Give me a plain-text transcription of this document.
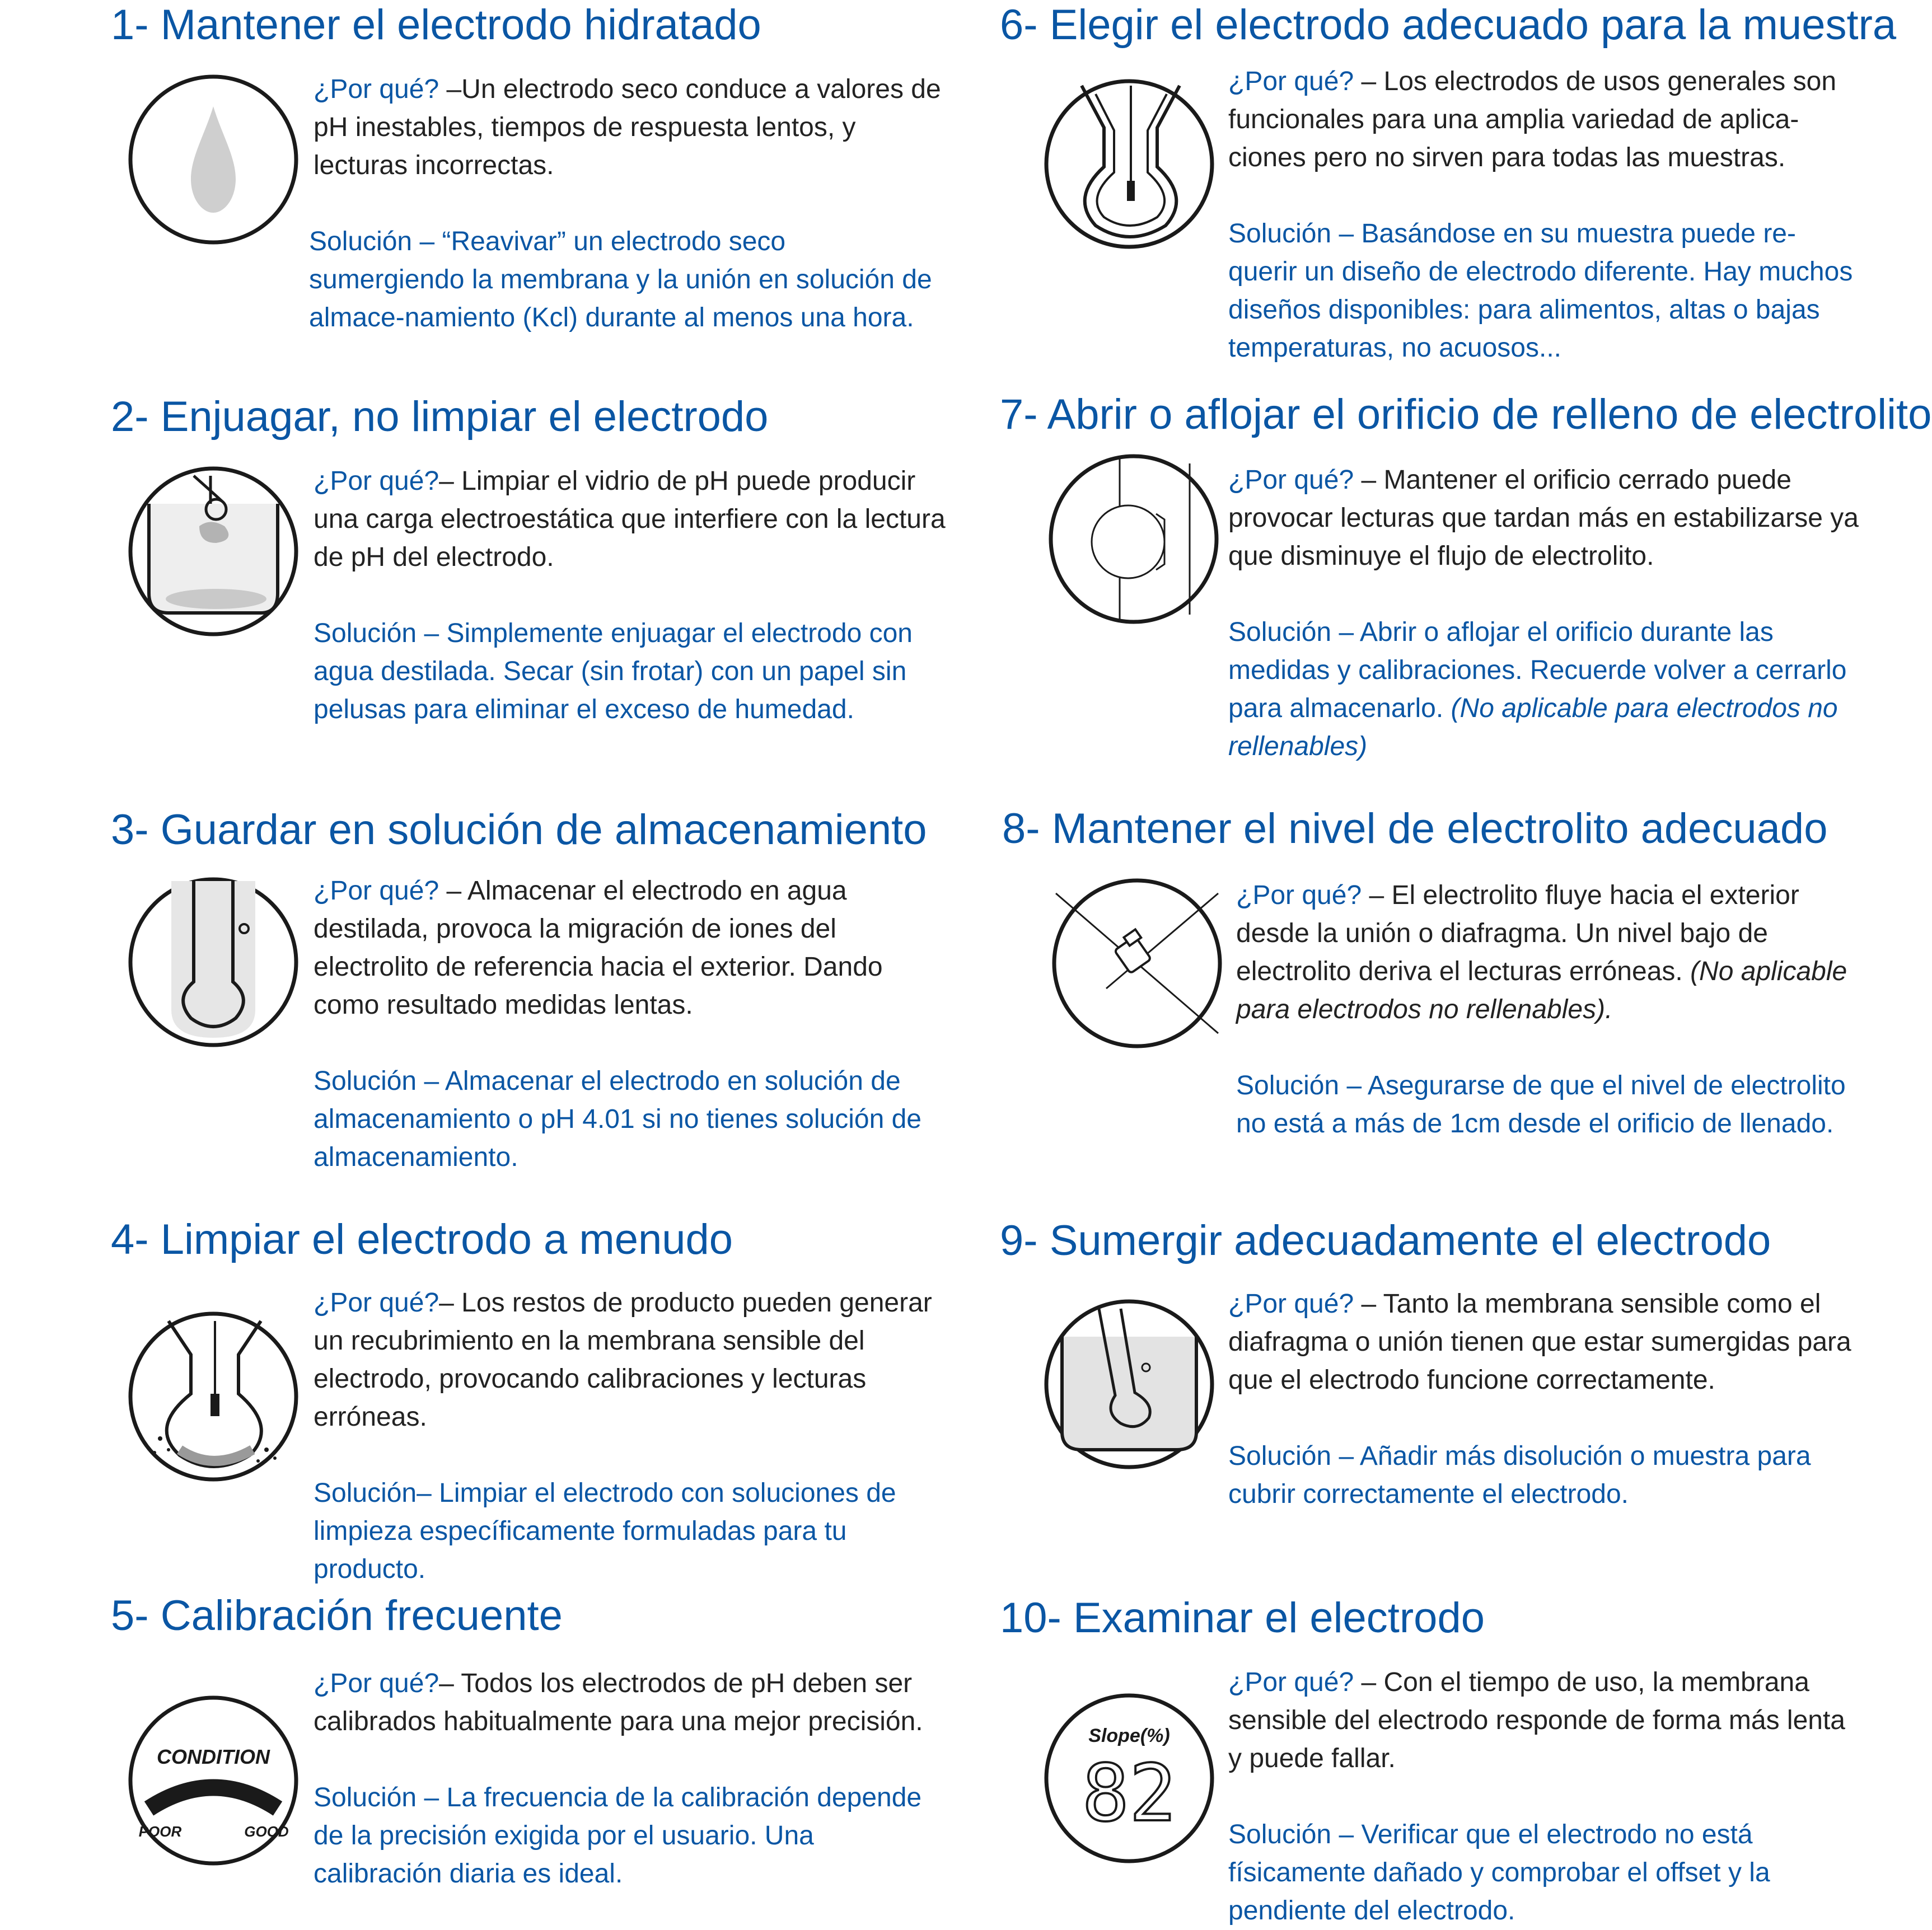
1- Mantener el electrodo hidratado

¿Por qué? –Un electrodo seco conduce a valores de pH inestables, tiempos de respuesta lentos, y lecturas incorrectas.

Solución – “Reavivar” un electrodo seco sumergiendo la membrana y la unión en solución de almace-namiento (Kcl) durante al menos una hora.

2- Enjuagar, no limpiar el electrodo

¿Por qué?– Limpiar el vidrio de pH puede producir una carga electroestática que interfiere con la lectura de pH del electrodo.

Solución – Simplemente enjuagar el electrodo con agua destilada. Secar (sin frotar) con un papel sin pelusas para eliminar el exceso de humedad.

3- Guardar en solución de almacenamiento

¿Por qué? – Almacenar el electrodo en agua destilada, provoca la migración de iones del electrolito de referencia hacia el exterior. Dando como resultado medidas lentas.

Solución – Almacenar el electrodo en solución de almacenamiento o pH 4.01 si no tienes solución de almacenamiento.

4- Limpiar el electrodo a menudo

¿Por qué?– Los restos de producto pueden generar un recubrimiento en la membrana sensible del electrodo, provocando calibraciones y lecturas erróneas.

Solución– Limpiar el electrodo con soluciones de limpieza específicamente formuladas para tu producto.

5- Calibración frecuente
CONDITION
POOR	GOOD

¿Por qué?– Todos los electrodos de pH deben ser calibrados habitualmente para una mejor precisión.

Solución – La frecuencia de la calibración depende de la precisión exigida por el usuario. Una calibración diaria es ideal.

6- Elegir el electrodo adecuado para la muestra

¿Por qué? – Los electrodos de usos generales son funcionales para una amplia variedad de aplica-ciones pero no sirven para todas las muestras.

Solución – Basándose en su muestra puede re-querir un diseño de electrodo diferente. Hay muchos diseños disponibles: para alimentos, altas o bajas temperaturas, no acuosos...

7- Abrir o aflojar el orificio de relleno de electrolito

¿Por qué? – Mantener el orificio cerrado puede provocar lecturas que tardan más en estabilizarse ya que disminuye el flujo de electrolito.

Solución – Abrir o aflojar el orificio durante las medidas y calibraciones. Recuerde volver a cerrarlo para almacenarlo. (No aplicable para electrodos no rellenables)

8- Mantener el nivel de electrolito adecuado

¿Por qué? – El electrolito fluye hacia el exterior desde la unión o diafragma. Un nivel bajo de electrolito deriva el lecturas erróneas. (No aplicable para electrodos no rellenables).

Solución – Asegurarse de que el nivel de electrolito no está a más de 1cm desde el orificio de llenado.

9- Sumergir adecuadamente el electrodo

¿Por qué? – Tanto la membrana sensible como el diafragma o unión tienen que estar sumergidas para que el electrodo funcione correctamente.

Solución – Añadir más disolución o muestra para cubrir correctamente el electrodo.

10- Examinar el electrodo
Slope(%)
82

¿Por qué? – Con el tiempo de uso, la membrana sensible del electrodo responde de forma más lenta y puede fallar.

Solución – Verificar que el electrodo no está físicamente dañado y comprobar el offset y la pendiente del electrodo.
